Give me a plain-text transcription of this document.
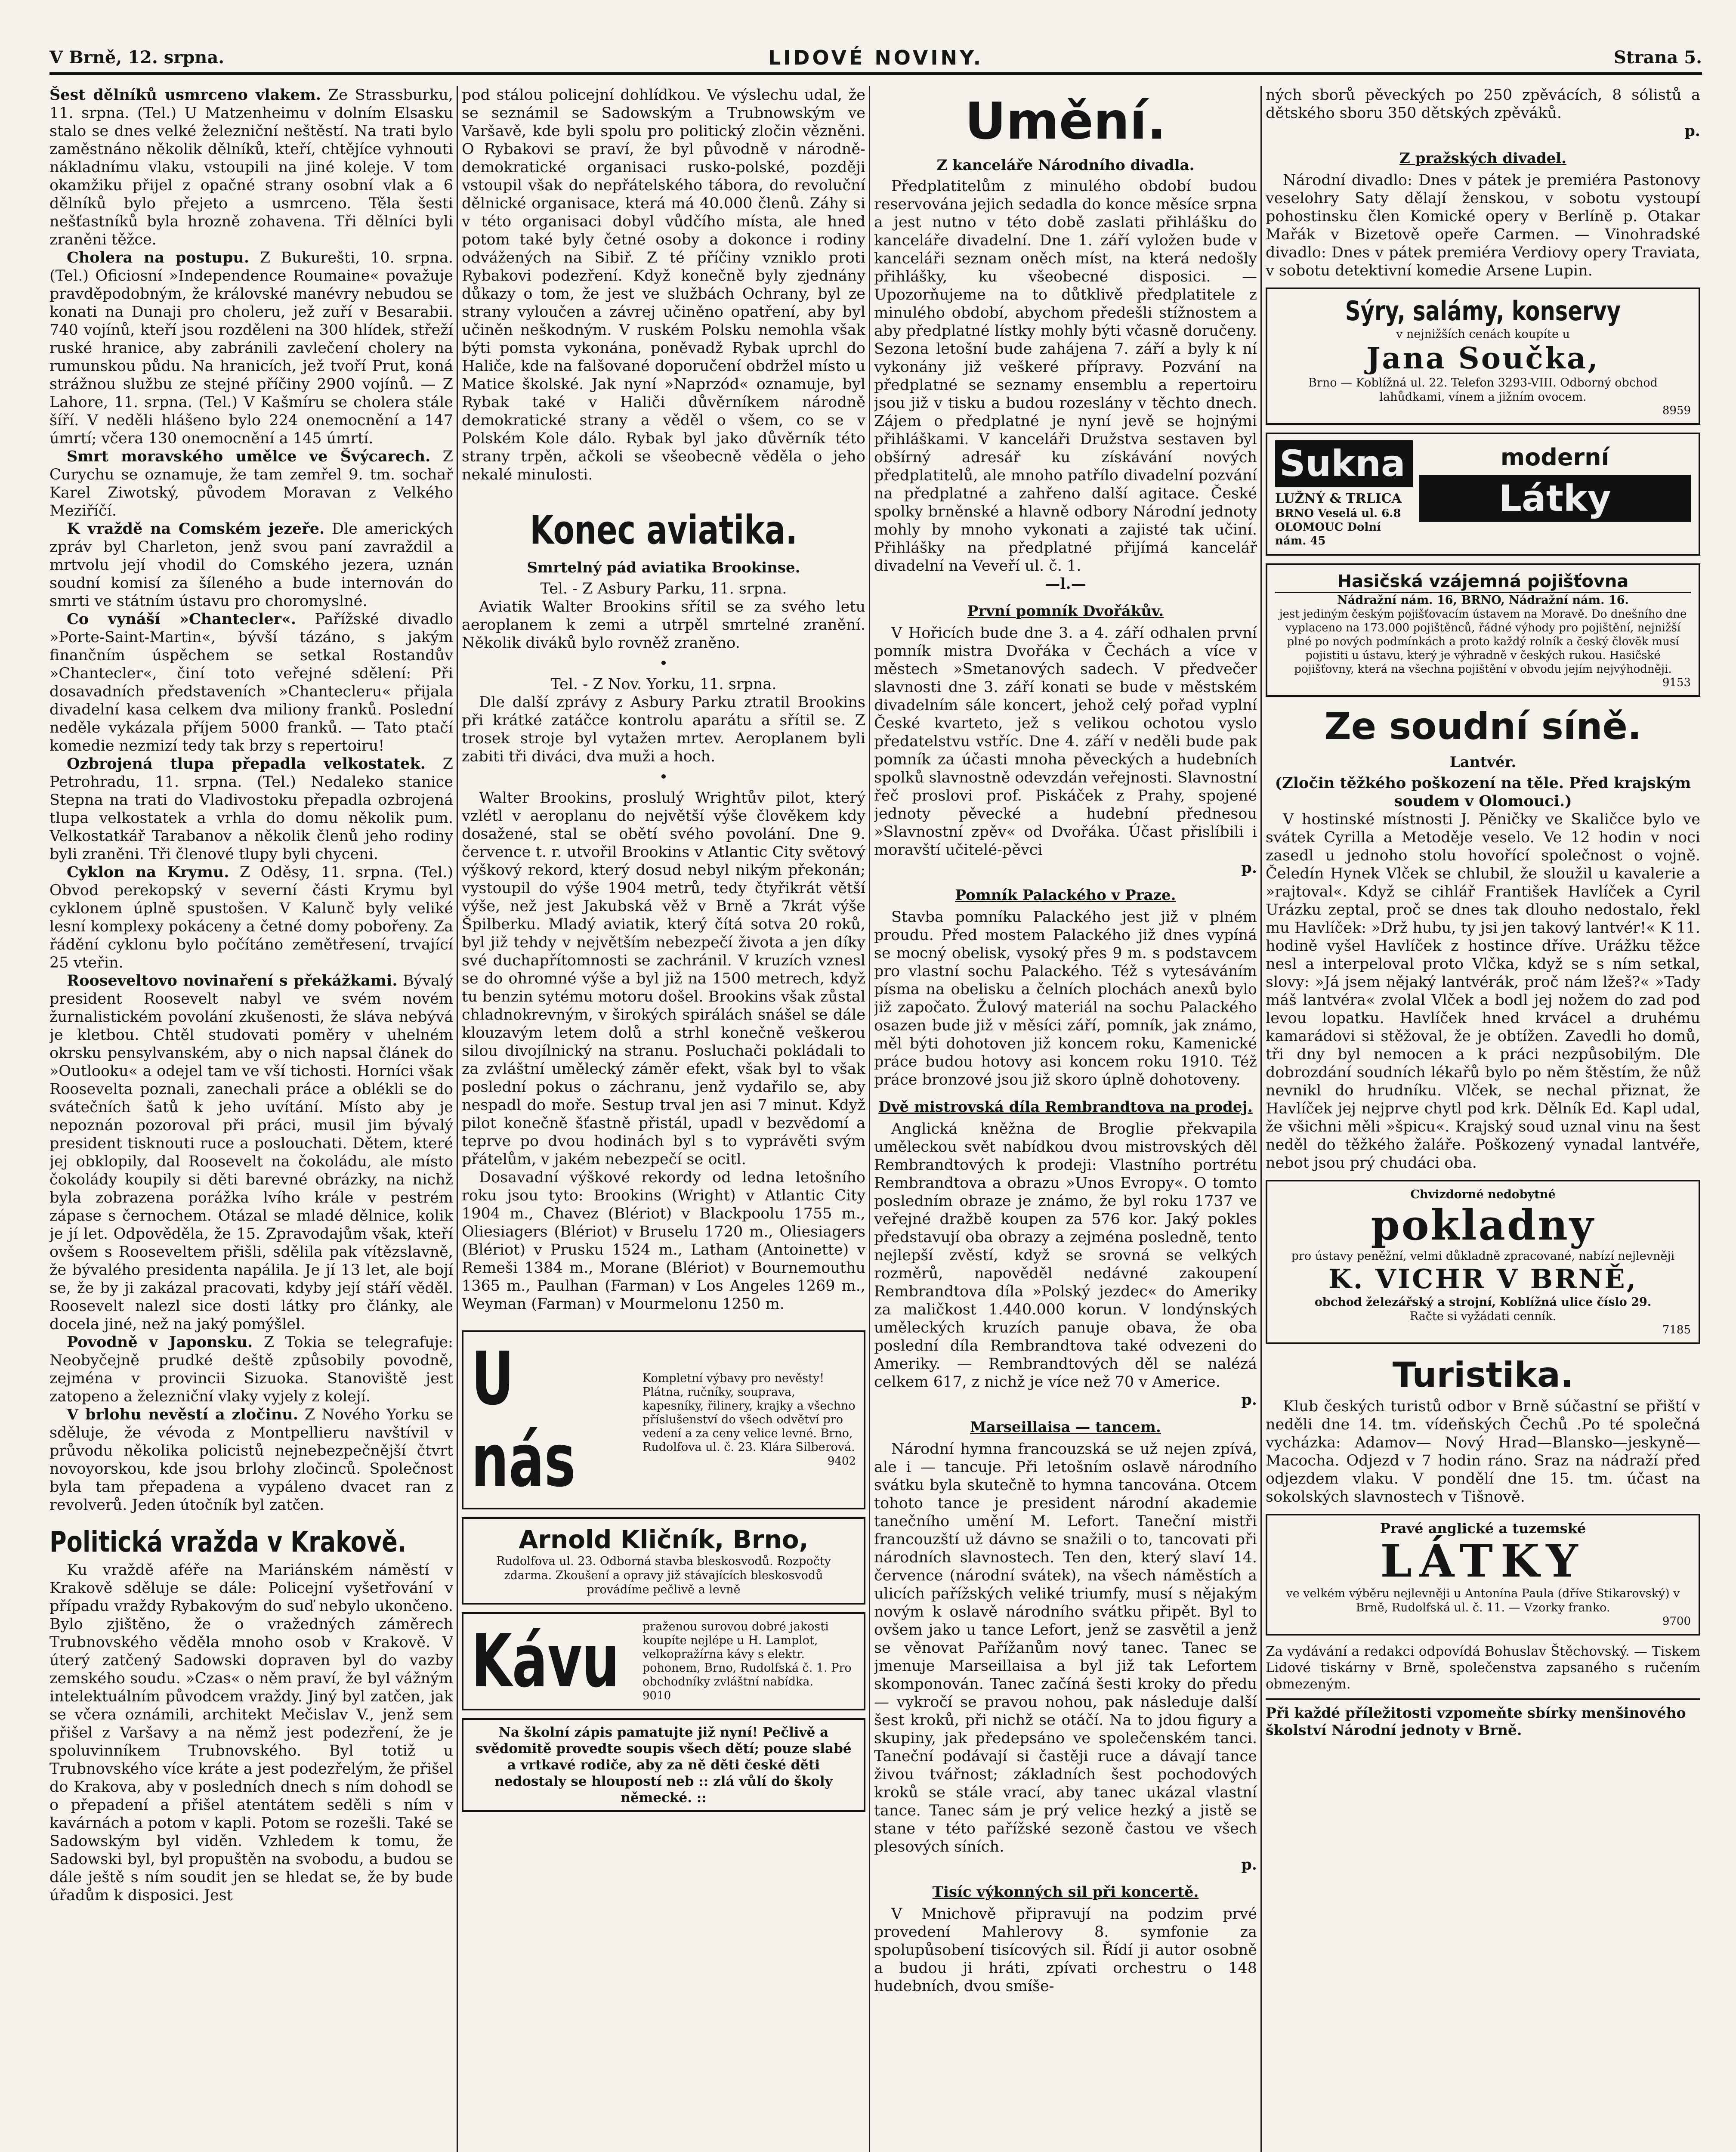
V Brně, 12. srpna.	LIDOVÉ NOVINY.	Strana 5.

Šest dělníků usmrceno vlakem. Ze Strassburku, 11. srpna. (Tel.) U Matzenheimu v dolním Elsasku stalo se dnes velké železniční neštěstí. Na trati bylo zaměstnáno několik dělníků, kteří, chtějíce vyhnouti nákladnímu vlaku, vstoupili na jiné koleje. V tom okamžiku přijel z opačné strany osobní vlak a 6 dělníků bylo přejeto a usmrceno. Těla šesti nešťastníků byla hrozně zohavena. Tři dělníci byli zraněni těžce.

Cholera na postupu. Z Bukurešti, 10. srpna. (Tel.) Oficiosní »Independence Roumaine« považuje pravděpodobným, že královské manévry nebudou se konati na Dunaji pro choleru, jež zuří v Besarabii. 740 vojínů, kteří jsou rozděleni na 300 hlídek, střeží ruské hranice, aby zabránili zavlečení cholery na rumunskou půdu. Na hranicích, jež tvoří Prut, koná strážnou službu ze stejné příčiny 2900 vojínů. — Z Lahore, 11. srpna. (Tel.) V Kašmíru se cholera stále šíří. V neděli hlášeno bylo 224 onemocnění a 147 úmrtí; včera 130 onemocnění a 145 úmrtí.

Smrt moravského umělce ve Švýcarech. Z Curychu se oznamuje, že tam zemřel 9. tm. sochař Karel Ziwotský, původem Moravan z Velkého Meziříčí.

K vraždě na Comském jezeře. Dle amerických zpráv byl Charleton, jenž svou paní zavraždil a mrtvolu její vhodil do Comského jezera, uznán soudní komisí za šíleného a bude internován do smrti ve státním ústavu pro choromyslné.

Co vynáší »Chantecler«. Pařížské divadlo »Porte-Saint-Martin«, bývší tázáno, s jakým finančním úspěchem se setkal Rostandův »Chantecler«, činí toto veřejné sdělení: Při dosavadních představeních »Chantecleru« přijala divadelní kasa celkem dva miliony franků. Poslední neděle vykázala příjem 5000 franků. — Tato ptačí komedie nezmizí tedy tak brzy s repertoiru!

Ozbrojená tlupa přepadla velkostatek. Z Petrohradu, 11. srpna. (Tel.) Nedaleko stanice Stepna na trati do Vladivostoku přepadla ozbrojená tlupa velkostatek a vrhla do domu několik pum. Velkostatkář Tarabanov a několik členů jeho rodiny byli zraněni. Tři členové tlupy byli chyceni.

Cyklon na Krymu. Z Oděsy, 11. srpna. (Tel.) Obvod perekopský v severní části Krymu byl cyklonem úplně spustošen. V Kalunč byly veliké lesní komplexy pokáceny a četné domy pobořeny. Za řádění cyklonu bylo počítáno zemětřesení, trvající 25 vteřin.

Rooseveltovo novinaření s překážkami. Bývalý president Roosevelt nabyl ve svém novém žurnalistickém povolání zkušenosti, že sláva nebývá je kletbou. Chtěl studovati poměry v uhelném okrsku pensylvanském, aby o nich napsal článek do »Outlooku« a odejel tam ve vší tichosti. Horníci však Roosevelta poznali, zanechali práce a oblékli se do svátečních šatů k jeho uvítání. Místo aby je nepoznán pozoroval při práci, musil jim bývalý president tisknouti ruce a poslouchati. Dětem, které jej obklopily, dal Roosevelt na čokoládu, ale místo čokolády koupily si děti barevné obrázky, na nichž byla zobrazena porážka lvího krále v pestrém zápase s černochem. Otázal se mladé dělnice, kolik je jí let. Odpověděla, že 15. Zpravodajům však, kteří ovšem s Rooseveltem přišli, sdělila pak vítězslavně, že bývalého presidenta napálila. Je jí 13 let, ale bojí se, že by ji zakázal pracovati, kdyby její stáří věděl. Roosevelt nalezl sice dosti látky pro články, ale docela jiné, než na jaký pomýšlel.

Povodně v Japonsku. Z Tokia se telegrafuje: Neobyčejně prudké deště způsobily povodně, zejména v provincii Sizuoka. Stanoviště jest zatopeno a železniční vlaky vyjely z kolejí.

V brlohu nevěstí a zločinu. Z Nového Yorku se sděluje, že vévoda z Montpellieru navštívil v průvodu několika policistů nejnebezpečnější čtvrt novoyorskou, kde jsou brlohy zločinců. Společnost byla tam přepadena a vypáleno dvacet ran z revolverů. Jeden útočník byl zatčen.

Politická vražda v Krakově.

Ku vraždě aféře na Mariánském náměstí v Krakově sděluje se dále: Policejní vyšetřování v případu vraždy Rybakovým do suď nebylo ukončeno. Bylo zjištěno, že o vražedných záměrech Trubnovského věděla mnoho osob v Krakově. V úterý zatčený Sadowski dopraven byl do vazby zemského soudu. »Czas« o něm praví, že byl vážným intelektuálním původcem vraždy. Jiný byl zatčen, jak se včera oznámili, architekt Mečislav V., jenž sem přišel z Varšavy a na němž jest podezření, že je spoluvinníkem Trubnovského. Byl totiž u Trubnovského více kráte a jest podezřelým, že přišel do Krakova, aby v posledních dnech s ním dohodl se o přepadení a přišel atentátem seděli s ním v kavárnách a potom v kapli. Potom se rozešli. Také se Sadowským byl viděn. Vzhledem k tomu, že Sadowski byl, byl propuštěn na svobodu, a budou se dále ještě s ním soudit jen se hledat se, že by bude úřadům k disposici. Jest

pod stálou policejní dohlídkou. Ve výslechu udal, že se seznámil se Sadowským a Trubnowským ve Varšavě, kde byli spolu pro politický zločin vězněni. O Rybakovi se praví, že byl původně v národně-demokratické organisaci rusko-polské, později vstoupil však do nepřátelského tábora, do revoluční dělnické organisace, která má 40.000 členů. Záhy si v této organisaci dobyl vůdčího místa, ale hned potom také byly četné osoby a dokonce i rodiny odvážených na Sibiř. Z té příčiny vzniklo proti Rybakovi podezření. Když konečně byly zjednány důkazy o tom, že jest ve službách Ochrany, byl ze strany vyloučen a závrej učiněno opatření, aby byl učiněn neškodným. V ruském Polsku nemohla však býti pomsta vykonána, poněvadž Rybak uprchl do Haliče, kde na falšované doporučení obdržel místo u Matice školské. Jak nyní »Naprzód« oznamuje, byl Rybak také v Haliči důvěrníkem národně demokratické strany a věděl o všem, co se v Polském Kole dálo. Rybak byl jako důvěrník této strany trpěn, ačkoli se všeobecně věděla o jeho nekalé minulosti.

Konec aviatika.
Smrtelný pád aviatika Brookinse.
Tel. - Z Asbury Parku, 11. srpna.

Aviatik Walter Brookins sřítil se za svého letu aeroplanem k zemi a utrpěl smrtelné zranění. Několik diváků bylo rovněž zraněno.

•
Tel. - Z Nov. Yorku, 11. srpna.

Dle další zprávy z Asbury Parku ztratil Brookins při krátké zatáčce kontrolu aparátu a sřítil se. Z trosek stroje byl vytažen mrtev. Aeroplanem byli zabiti tři diváci, dva muži a hoch.

•

Walter Brookins, proslulý Wrightův pilot, který vzlétl v aeroplanu do největší výše člověkem kdy dosažené, stal se obětí svého povolání. Dne 9. července t. r. utvořil Brookins v Atlantic City světový výškový rekord, který dosud nebyl nikým překonán; vystoupil do výše 1904 metrů, tedy čtyřikrát větší výše, než jest Jakubská věž v Brně a 7krát výše Špilberku. Mladý aviatik, který čítá sotva 20 roků, byl již tehdy v největším nebezpečí života a jen díky své duchapřítomnosti se zachránil. V kruzích vznesl se do ohromné výše a byl již na 1500 metrech, když tu benzin sytému motoru došel. Brookins však zůstal chladnokrevným, v širokých spirálách snášel se dále klouzavým letem dolů a strhl konečně veškerou silou divojílnický na stranu. Posluchači pokládali to za zvláštní umělecký záměr efekt, však byl to však poslední pokus o záchranu, jenž vydařilo se, aby nespadl do moře. Sestup trval jen asi 7 minut. Když pilot konečně šťastně přistál, upadl v bezvědomí a teprve po dvou hodinách byl s to vyprávěti svým přátelům, v jakém nebezpečí se ocitl.

Dosavadní výškové rekordy od ledna letošního roku jsou tyto: Brookins (Wright) v Atlantic City 1904 m., Chavez (Blériot) v Blackpoolu 1755 m., Oliesiagers (Blériot) v Bruselu 1720 m., Oliesiagers (Blériot) v Prusku 1524 m., Latham (Antoinette) v Remeši 1384 m., Morane (Blériot) v Bournemouthu 1365 m., Paulhan (Farman) v Los Angeles 1269 m., Weyman (Farman) v Mourmelonu 1250 m.

U nás
Kompletní výbavy pro nevěsty! Plátna, ručníky, souprava, kapesníky, řilinery, krajky a všechno příslušenství do všech odvětví pro vedení a za ceny velice levné. Brno, Rudolfova ul. č. 23. Klára Silberová.
9402
Arnold Kličník, Brno,
Rudolfova ul. 23. Odborná stavba bleskosvodů. Rozpočty zdarma. Zkoušení a opravy již stávajících bleskosvodů provádíme pečlivě a levně
Kávu praženou surovou dobré jakosti koupíte nejlépe u H. Lamplot, velkopražírna kávy s elektr. pohonem, Brno, Rudolfská č. 1. Pro obchodníky zvláštní nabídka.
9010
Na školní zápis pamatujte již nyní! Pečlivě a svědomitě provedte soupis všech dětí; pouze slabé a vrtkavé rodiče, aby za ně děti české děti nedostaly se hloupostí neb :: zlá vůlí do školy německé. ::
Umění.
Z kanceláře Národního divadla.

Předplatitelům z minulého období budou reservována jejich sedadla do konce měsíce srpna a jest nutno v této době zaslati přihlášku do kanceláře divadelní. Dne 1. září vyložen bude v kanceláři seznam oněch míst, na která nedošly přihlášky, ku všeobecné disposici. — Upozorňujeme na to důtklivě předplatitele z minulého období, abychom předešli stížnostem a aby předplatné lístky mohly býti včasně doručeny. Sezona letošní bude zahájena 7. září a byly k ní vykonány již veškeré přípravy. Pozvání na předplatné se seznamy ensemblu a repertoiru jsou již v tisku a budou rozeslány v těchto dnech. Zájem o předplatné je nyní jevě se hojnými přihláškami. V kanceláři Družstva sestaven byl obšírný adresář ku získávání nových předplatitelů, ale mnoho patřílo divadelní pozvání na předplatné a zahřeno další agitace. České spolky brněnské a hlavně odbory Národní jednoty mohly by mnoho vykonati a zajisté tak učiní. Přihlášky na předplatné přijímá kancelář divadelní na Veveří ul. č. 1.

—l.—
První pomník Dvořákův.

V Hořicích bude dne 3. a 4. září odhalen první pomník mistra Dvořáka v Čechách a více v městech »Smetanových sadech. V předvečer slavnosti dne 3. září konati se bude v městském divadelním sále koncert, jehož celý pořad vyplní České kvarteto, jež s velikou ochotou vyslo předatelstvu vstříc. Dne 4. září v neděli bude pak pomník za účasti mnoha pěveckých a hudebních spolků slavnostně odevzdán veřejnosti. Slavnostní řeč proslovi prof. Piskáček z Prahy, spojené jednoty pěvecké a hudební přednesou »Slavnostní zpěv« od Dvořáka. Účast přislíbili i moravští učitelé-pěvci

p.
Pomník Palackého v Praze.

Stavba pomníku Palackého jest již v plném proudu. Před mostem Palackého již dnes vypíná se mocný obelisk, vysoký přes 9 m. s podstavcem pro vlastní sochu Palackého. Též s vytesáváním písma na obelisku a čelních plochách anexů bylo již započato. Žulový materiál na sochu Palackého osazen bude již v měsíci září, pomník, jak známo, měl býti dohotoven již koncem roku, Kamenické práce budou hotovy asi koncem roku 1910. Též práce bronzové jsou již skoro úplně dohotoveny.

Dvě mistrovská díla Rembrandtova na prodej.

Anglická kněžna de Broglie překvapila uměleckou svět nabídkou dvou mistrovských děl Rembrandtových k prodeji: Vlastního portrétu Rembrandtova a obrazu »Unos Evropy«. O tomto posledním obraze je známo, že byl roku 1737 ve veřejné dražbě koupen za 576 kor. Jaký pokles představují oba obrazy a zejména posledně, tento nejlepší zvěstí, když se srovná se velkých rozměrů, napověděl nedávné zakoupení Rembrandtova díla »Polský jezdec« do Ameriky za maličkost 1.440.000 korun. V londýnských uměleckých kruzích panuje obava, že oba poslední díla Rembrandtova také odvezeni do Ameriky. — Rembrandtových děl se nalézá celkem 617, z nichž je více než 70 v Americe.

p.
Marseillaisa — tancem.

Národní hymna francouzská se už nejen zpívá, ale i — tancuje. Při letošním oslavě národního svátku byla skutečně to hymna tancována. Otcem tohoto tance je president národní akademie tanečního umění M. Lefort. Taneční mistři francouzští už dávno se snažili o to, tancovati při národních slavnostech. Ten den, který slaví 14. července (národní svátek), na všech náměstích a ulicích pařížských veliké triumfy, musí s nějakým novým k oslavě národního svátku připět. Byl to ovšem jako u tance Lefort, jenž se zasvětil a jenž se věnovat Pařížanům nový tanec. Tanec se jmenuje Marseillaisa a byl již tak Lefortem skomponován. Tanec začíná šesti kroky do předu — vykročí se pravou nohou, pak následuje další šest kroků, při nichž se otáčí. Na to jdou figury a skupiny, jak předepsáno ve společenském tanci. Taneční podávají si častěji ruce a dávají tance živou tvářnost; základních šest pochodových kroků se stále vrací, aby tanec ukázal vlastní tance. Tanec sám je prý velice hezký a jistě se stane v této pařížské sezoně častou ve všech plesových síních.

p.
Tisíc výkonných sil při koncertě.

V Mnichově připravují na podzim prvé provedení Mahlerovy 8. symfonie za spolupůsobení tisícových sil. Řídí ji autor osobně a budou ji hráti, zpívati orchestru o 148 hudebních, dvou smíše-

ných sborů pěveckých po 250 zpěvácích, 8 sólistů a dětského sboru 350 dětských zpěváků.

p.
Z pražských divadel.

Národní divadlo: Dnes v pátek je premiéra Pastonovy veselohry Saty dělají ženskou, v sobotu vystoupí pohostinsku člen Komické opery v Berlíně p. Otakar Mařák v Bizetově opeře Carmen. — Vinohradské divadlo: Dnes v pátek premiéra Verdiovy opery Traviata, v sobotu detektivní komedie Arsene Lupin.

Sýry, salámy, konservy
v nejnižších cenách koupíte u
Jana Součka,
Brno — Koblížná ul. 22. Telefon 3293-VIII. Odborný obchod lahůdkami, vínem a jižním ovocem.
8959
Sukna
LUŽNÝ & TRLICA
BRNO Veselá ul. 6.8 OLOMOUC Dolní nám. 45
moderní
Látky
Hasičská vzájemná pojišťovna
Nádražní nám. 16, BRNO, Nádražní nám. 16.
jest jediným českým pojišťovacím ústavem na Moravě. Do dnešního dne vyplaceno na 173.000 pojištěnců, řádné výhody pro pojištění, nejnižší plné po nových podmínkách a proto každý rolník a český člověk musí pojistiti u ústavu, který je výhradně v českých rukou. Hasičské pojišťovny, která na všechna pojištění v obvodu jejím nejvýhodněji.
9153
Ze soudní síně.
Lantvér.
(Zločin těžkého poškození na těle. Před krajským soudem v Olomouci.)

V hostinské místnosti J. Pěničky ve Skaličce bylo ve svátek Cyrilla a Metoděje veselo. Ve 12 hodin v noci zasedl u jednoho stolu hovořící společnost o vojně. Čeledín Hynek Vlček se chlubil, že sloužil u kavalerie a »rajtoval«. Když se cihlář František Havlíček a Cyril Urázku zeptal, proč se dnes tak dlouho nedostalo, řekl mu Havlíček: »Drž hubu, ty jsi jen takový lantvér!« K 11. hodině vyšel Havlíček z hostince dříve. Urážku těžce nesl a interpeloval proto Vlčka, když se s ním setkal, slovy: »Já jsem nějaký lantvérák, proč nám lžeš?« »Tady máš lantvéra« zvolal Vlček a bodl jej nožem do zad pod levou lopatku. Havlíček hned krvácel a druhému kamarádovi si stěžoval, že je obtížen. Zavedli ho domů, tři dny byl nemocen a k práci nezpůsobilým. Dle dobrozdání soudních lékařů bylo po něm štěstím, že nůž nevnikl do hrudníku. Vlček, se nechal přiznat, že Havlíček jej nejprve chytl pod krk. Dělník Ed. Kapl udal, že všichni měli »špicu«. Krajský soud uznal vinu na šest neděl do těžkého žaláře. Poškozený vynadal lantvéře, nebot jsou prý chudáci oba.

Chvizdorné nedobytné
pokladny
pro ústavy peněžní, velmi důkladně zpracované, nabízí nejlevněji
K. VICHR V BRNĚ,
obchod železářský a strojní, Koblížná ulice číslo 29.
Račte si vyžádati cenník.
7185
Turistika.

Klub českých turistů odbor v Brně súčastní se přiští v neděli dne 14. tm. vídeňských Čechů .Po té společná vycházka: Adamov— Nový Hrad—Blansko—jeskyně—Macocha. Odjezd v 7 hodin ráno. Sraz na nádraží před odjezdem vlaku. V pondělí dne 15. tm. účast na sokolských slavnostech v Tišnově.

Pravé anglické a tuzemské
LÁTKY
ve velkém výběru nejlevněji u Antonína Paula (dříve Stikarovský) v Brně, Rudolfská ul. č. 11. — Vzorky franko.
9700

Za vydávání a redakci odpovídá Bohuslav Štěchovský. — Tiskem Lidové tiskárny v Brně, společenstva zapsaného s ručením obmezeným.

Při každé příležitosti vzpomeňte sbírky menšinového školství Národní jednoty v Brně.
